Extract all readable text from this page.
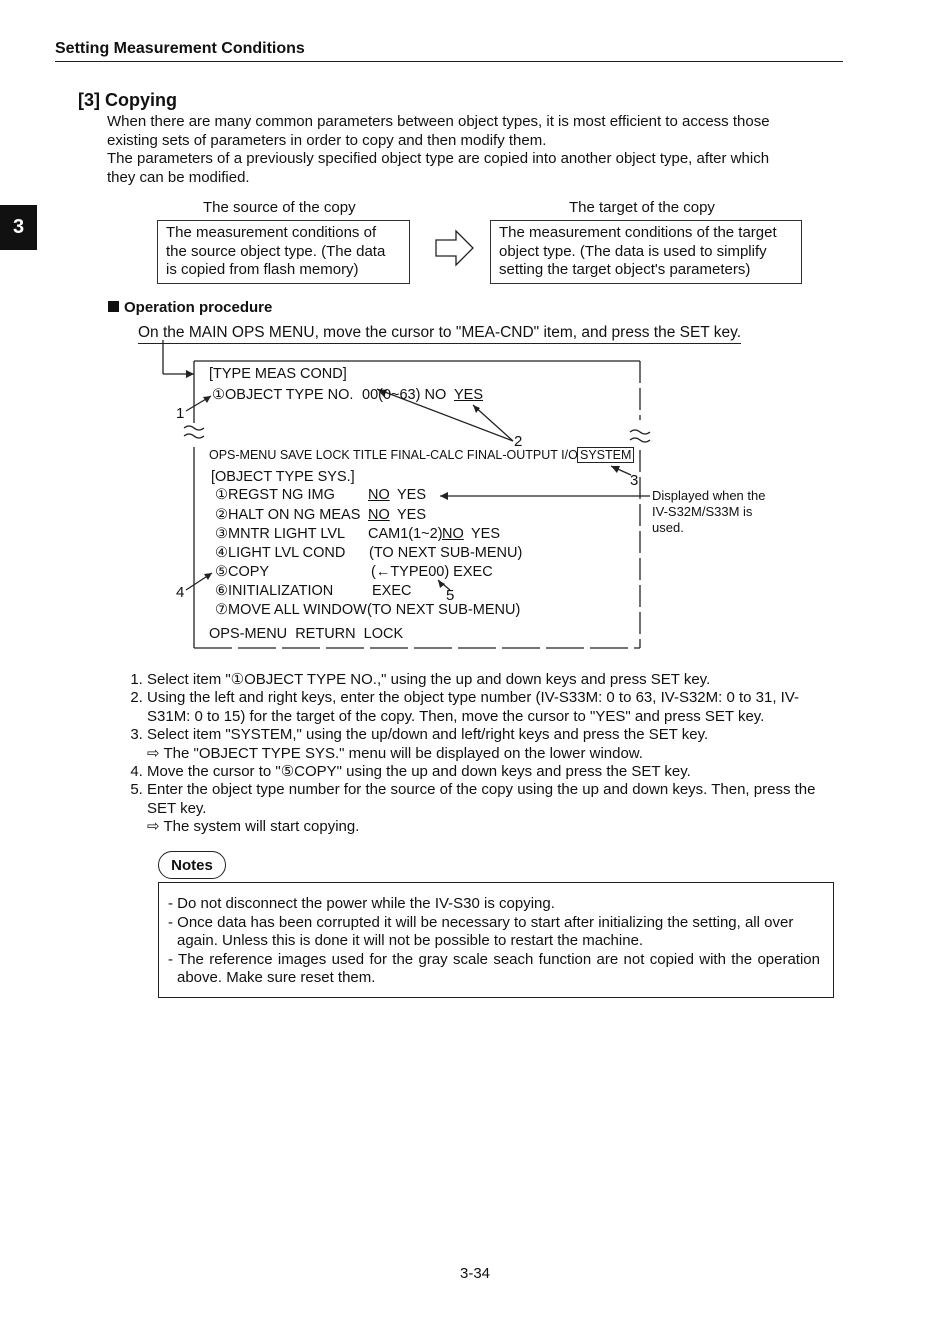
Setting Measurement Conditions
3
[3] Copying
When there are many common parameters between object types, it is most efficient to access those
existing sets of parameters in order to copy and then modify them.
The parameters of a previously specified object type are copied into another object type, after which
they can be modified.
The source of the copy	The target of the copy
The measurement conditions of
the source object type. (The data
is copied from flash memory)
The measurement conditions of the target
object type. (The data is used to simplify
setting the target object's parameters)
Operation procedure
On the MAIN OPS MENU, move the cursor to "MEA-CND" item, and press the SET key.
[TYPE MEAS COND]
①OBJECT TYPE NO. 00(0~63) NO YES
OPS-MENU SAVE LOCK TITLE FINAL-CALC FINAL-OUTPUT I/O SYSTEM
[OBJECT TYPE SYS.]
①REGST NG IMG NO YES
②HALT ON NG MEAS NO YES
③MNTR LIGHT LVL CAM1(1~2) NO YES
④LIGHT LVL COND (TO NEXT SUB-MENU)
⑤COPY	(←TYPE00) EXEC
⑥INITIALIZATION	EXEC
⑦MOVE ALL WINDOW (TO NEXT SUB-MENU)
OPS-MENU  RETURN  LOCK
1
2
3
4	5
Displayed when the
IV-S32M/S33M is
used.
1. Select item "①OBJECT TYPE NO.," using the up and down keys and press SET key.
2. Using the left and right keys, enter the object type number (IV-S33M: 0 to 63, IV-S32M: 0 to 31, IV-S31M: 0 to 15) for the target of the copy. Then, move the cursor to "YES" and press SET key.
3. Select item "SYSTEM," using the up/down and left/right keys and press the SET key.
⇨ The "OBJECT TYPE SYS." menu will be displayed on the lower window.
4. Move the cursor to "⑤COPY" using the up and down keys and press the SET key.
5. Enter the object type number for the source of the copy using the up and down keys. Then, press the SET key.
⇨ The system will start copying.
Notes
- Do not disconnect the power while the IV-S30 is copying.
- Once data has been corrupted it will be necessary to start after initializing the setting, all over again. Unless this is done it will not be possible to restart the machine.
- The reference images used for the gray scale seach function are not copied with the operation above. Make sure reset them.
3-34
